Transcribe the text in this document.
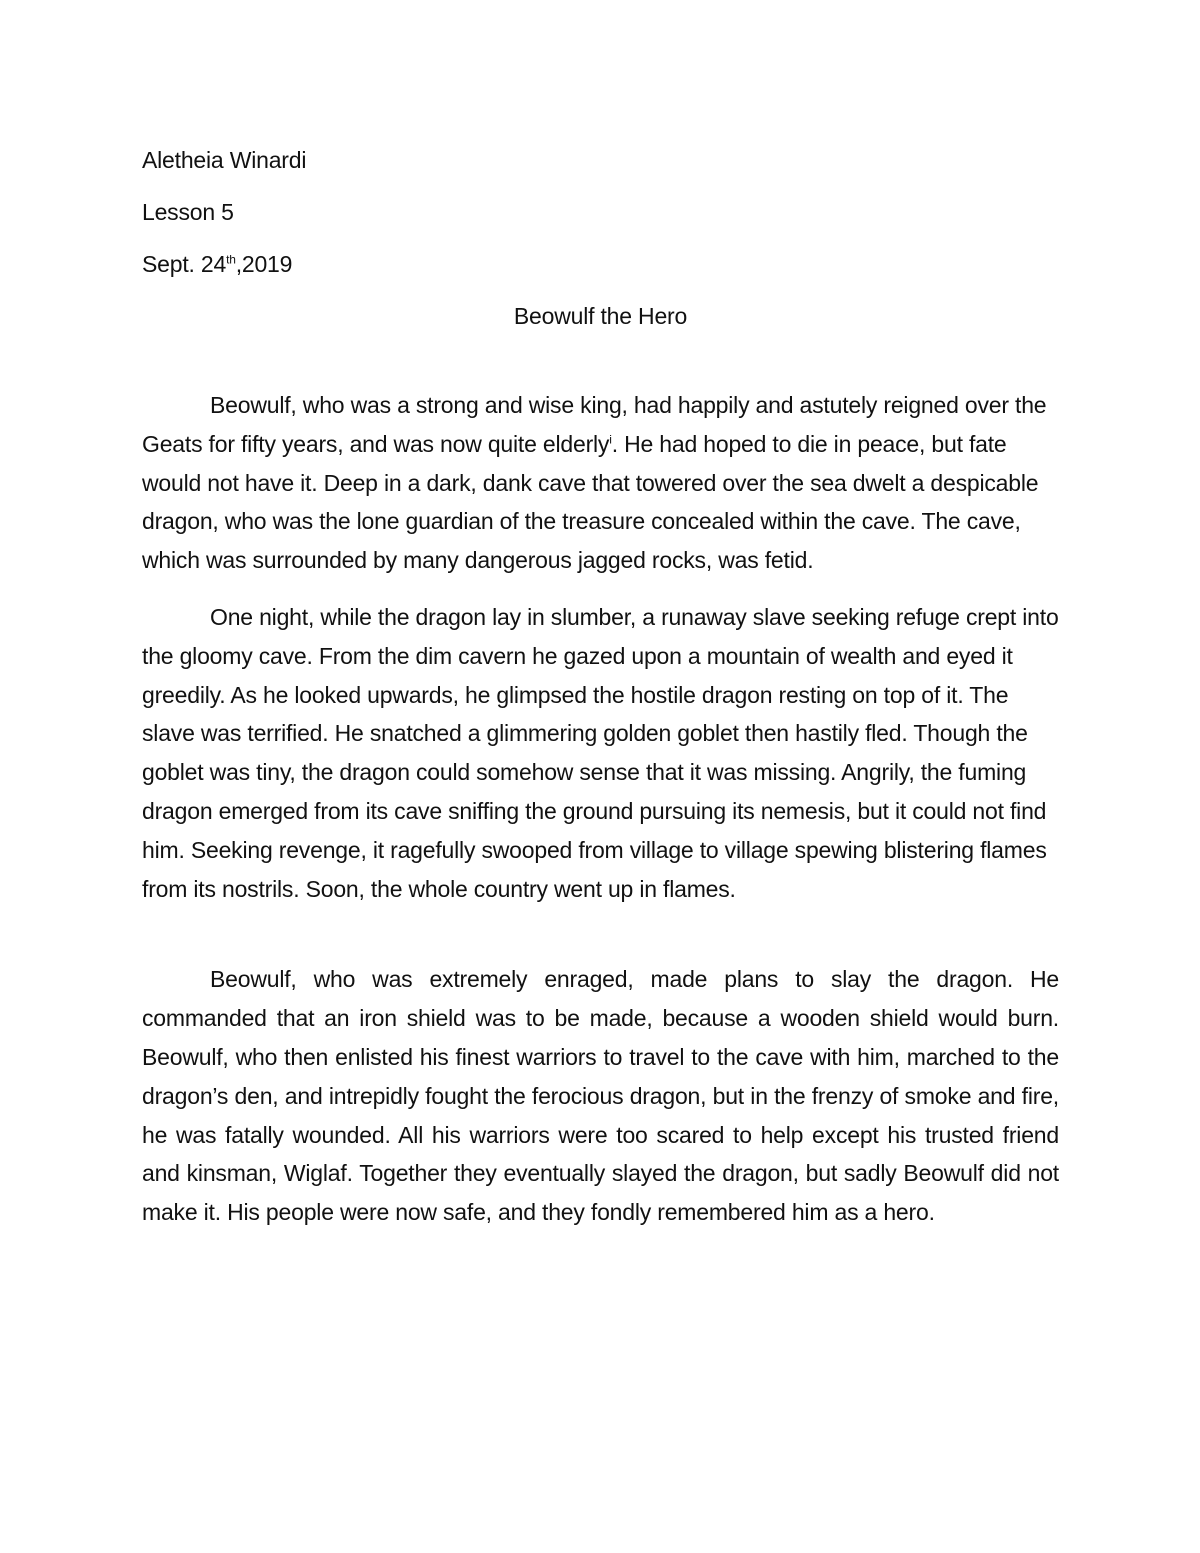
Aletheia Winardi

Lesson 5

Sept. 24th,2019

Beowulf the Hero

Beowulf, who was a strong and wise king, had happily and astutely reigned over the Geats for fifty years, and was now quite elderly$^i$. He had hoped to die in peace, but fate would not have it. Deep in a dark, dank cave that towered over the sea dwelt a despicable dragon, who was the lone guardian of the treasure concealed within the cave. The cave, which was surrounded by many dangerous jagged rocks, was fetid.

One night, while the dragon lay in slumber, a runaway slave seeking refuge crept into the gloomy cave. From the dim cavern he gazed upon a mountain of wealth and eyed it greedily. As he looked upwards, he glimpsed the hostile dragon resting on top of it. The slave was terrified. He snatched a glimmering golden goblet then hastily fled. Though the goblet was tiny, the dragon could somehow sense that it was missing. Angrily, the fuming dragon emerged from its cave sniffing the ground pursuing its nemesis, but it could not find him. Seeking revenge, it ragefully swooped from village to village spewing blistering flames from its nostrils. Soon, the whole country went up in flames.

Beowulf, who was extremely enraged, made plans to slay the dragon. He commanded that an iron shield was to be made, because a wooden shield would burn. Beowulf, who then enlisted his finest warriors to travel to the cave with him, marched to the dragon’s den, and intrepidly fought the ferocious dragon, but in the frenzy of smoke and fire, he was fatally wounded. All his warriors were too scared to help except his trusted friend and kinsman, Wiglaf. Together they eventually slayed the dragon, but sadly Beowulf did not make it. His people were now safe, and they fondly remembered him as a hero.
